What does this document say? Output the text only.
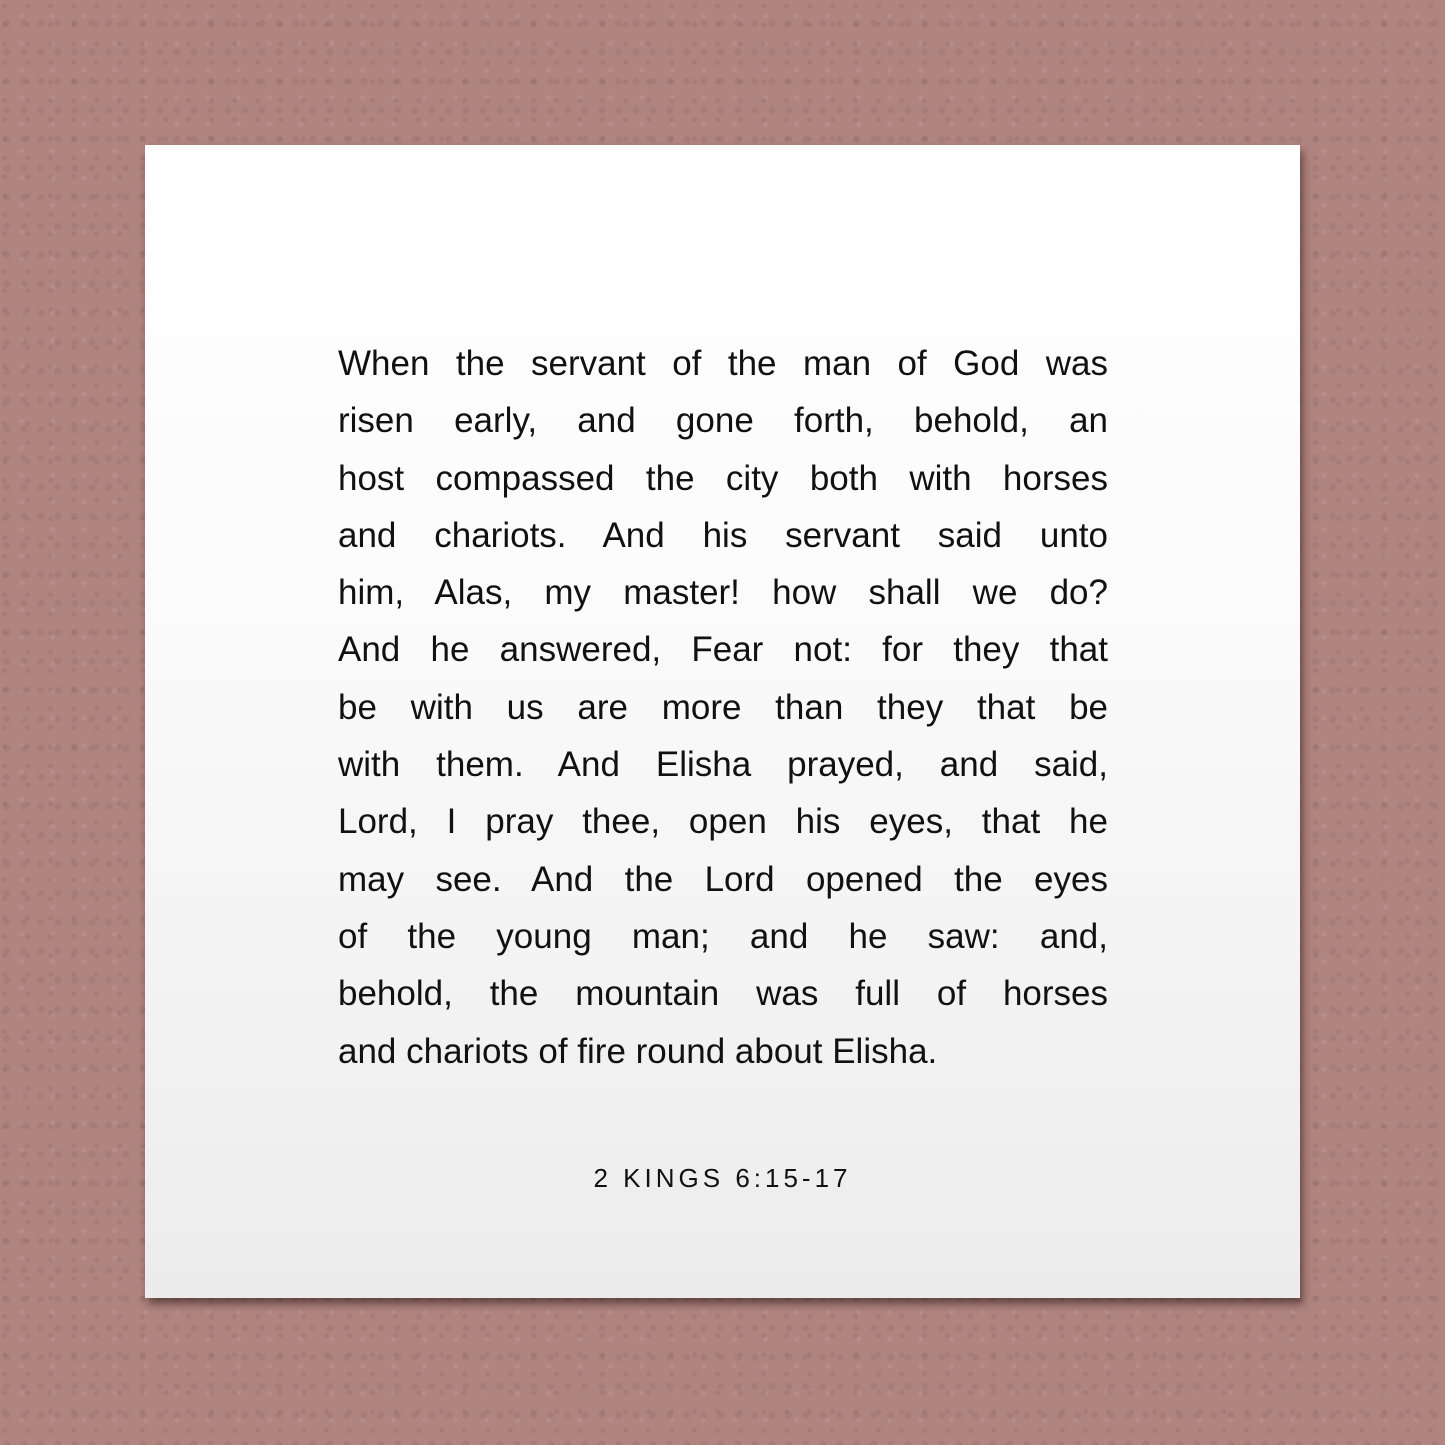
When the servant of the man of God was
risen early, and gone forth, behold, an
host compassed the city both with horses
and chariots. And his servant said unto
him, Alas, my master! how shall we do?
And he answered, Fear not: for they that
be with us are more than they that be
with them. And Elisha prayed, and said,
Lord, I pray thee, open his eyes, that he
may see. And the Lord opened the eyes
of the young man; and he saw: and,
behold, the mountain was full of horses
and chariots of fire round about Elisha.
2 KINGS 6:15-17
